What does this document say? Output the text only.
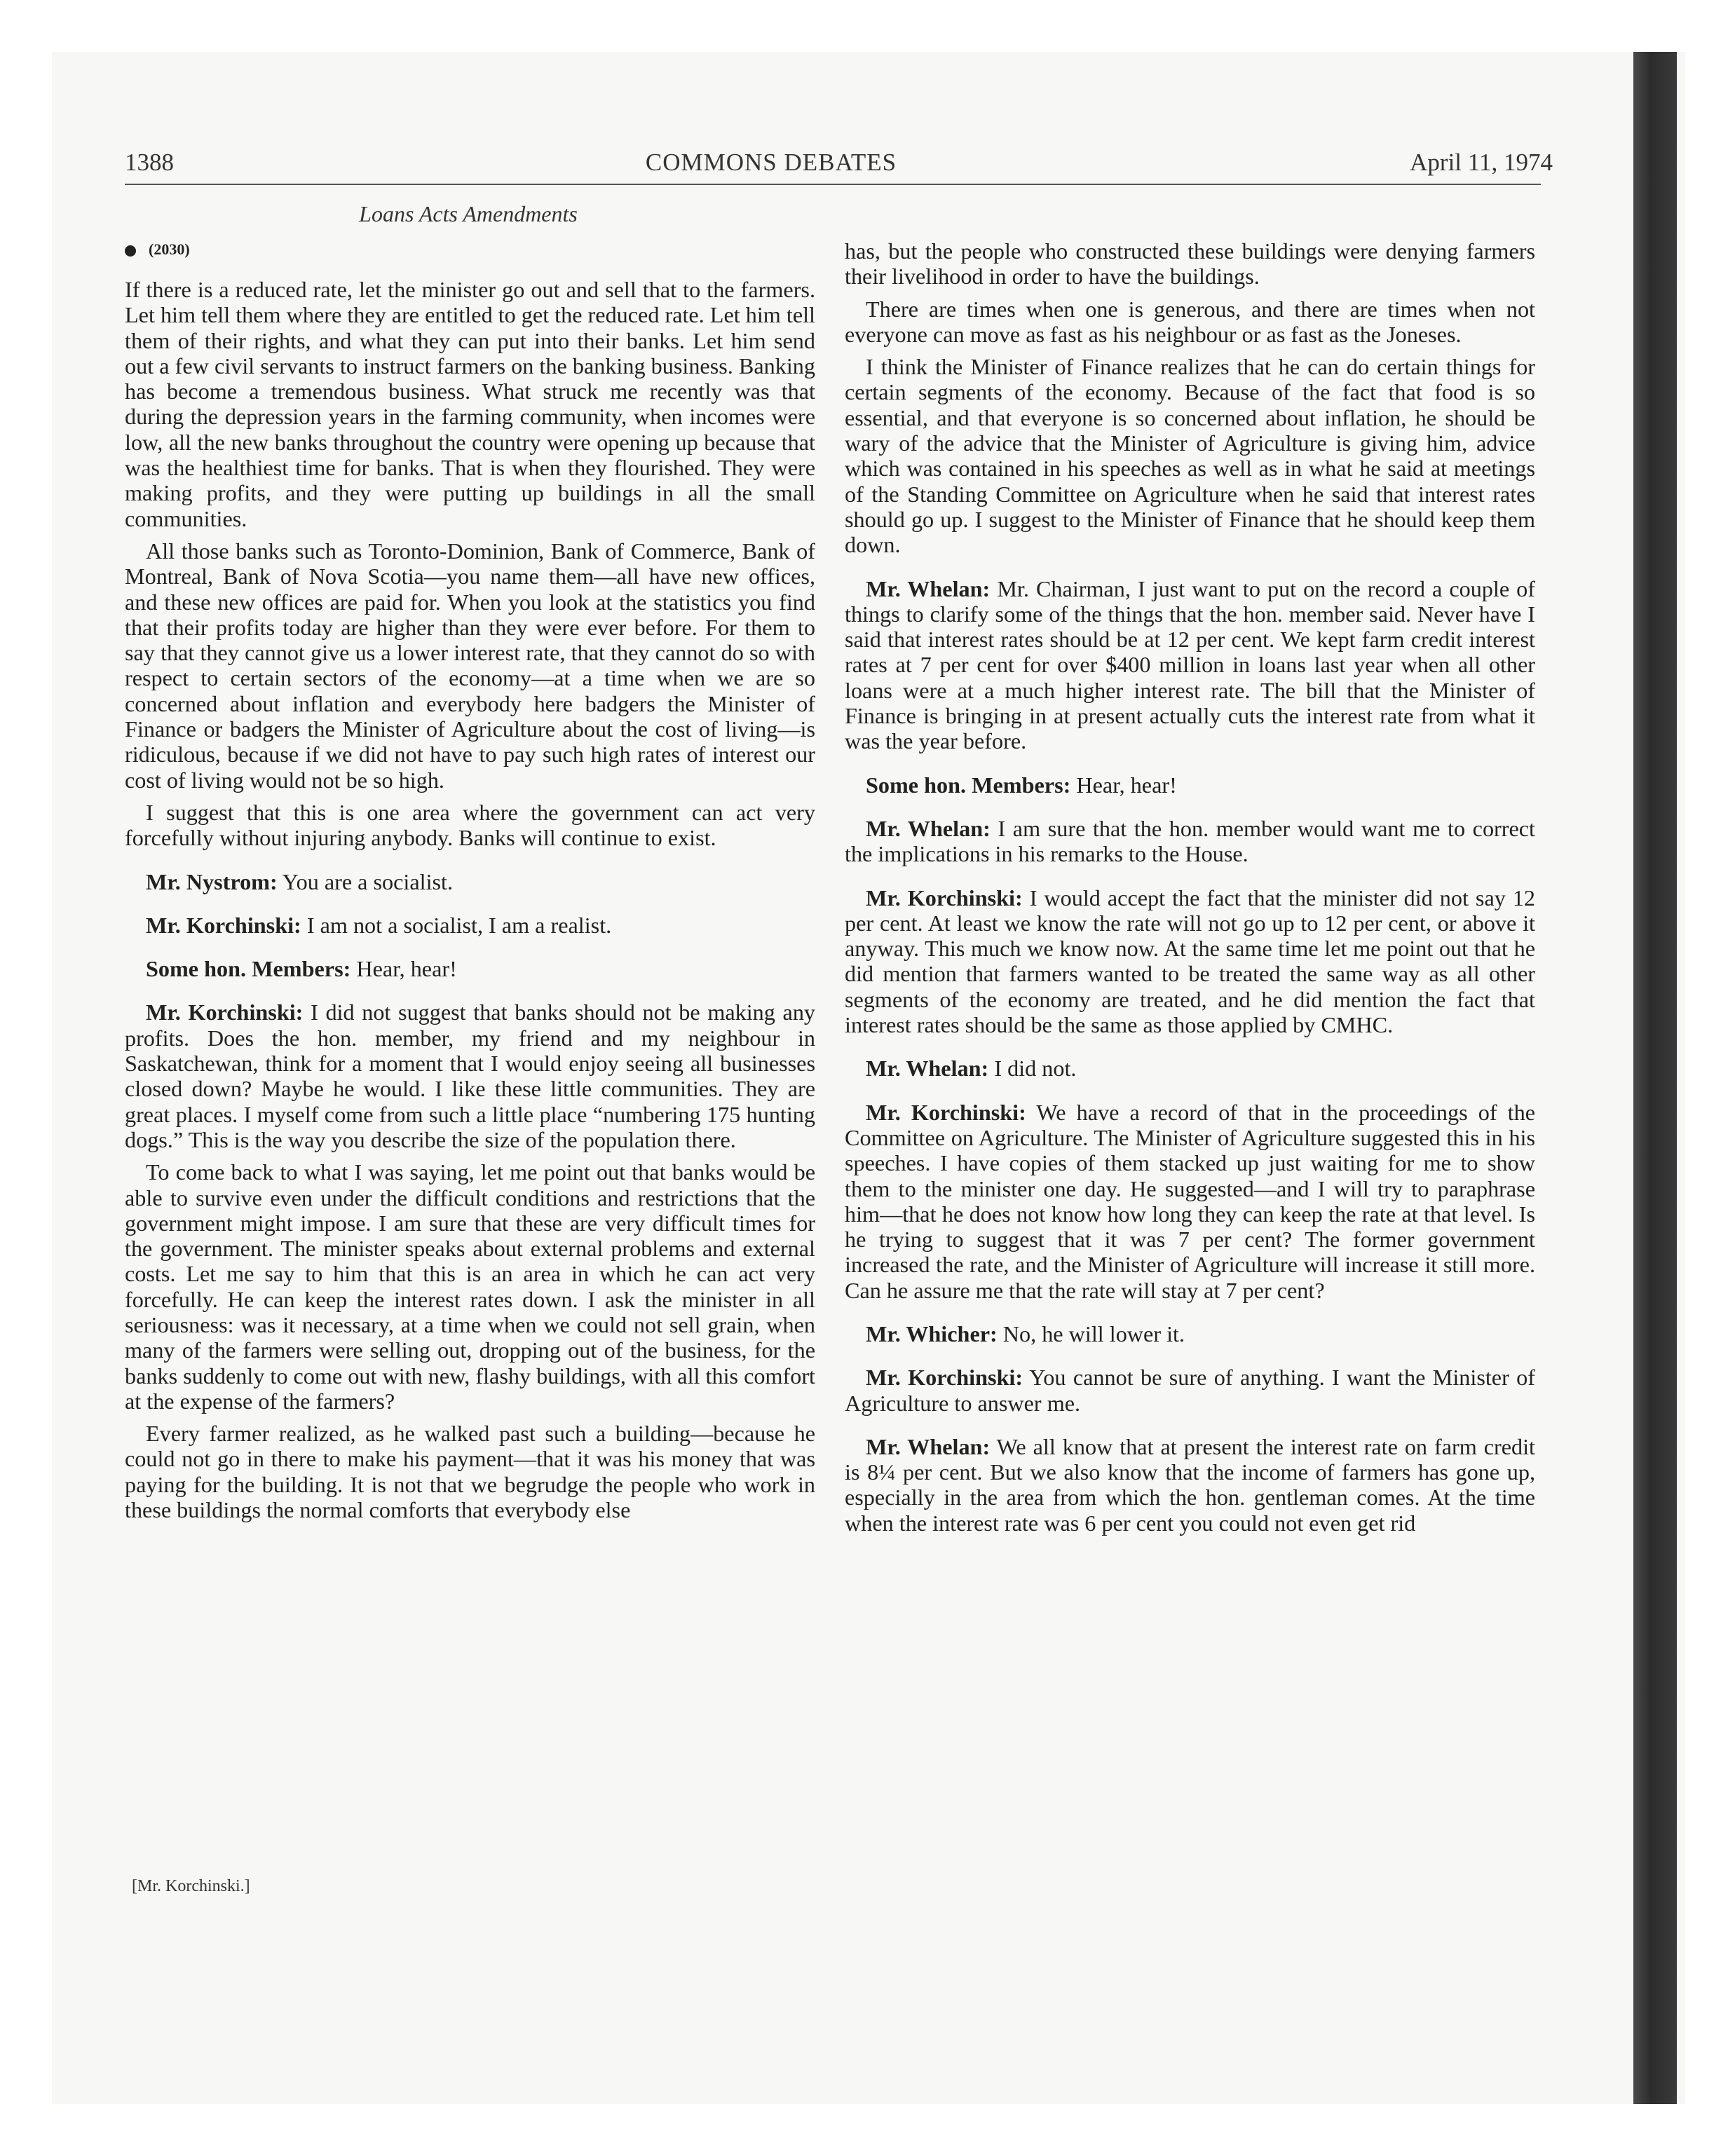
1388	COMMONS DEBATES	April 11, 1974
Loans Acts Amendments
(2030)

If there is a reduced rate, let the minister go out and sell that to the farmers. Let him tell them where they are entitled to get the reduced rate. Let him tell them of their rights, and what they can put into their banks. Let him send out a few civil servants to instruct farmers on the banking business. Banking has become a tremendous business. What struck me recently was that during the depression years in the farming community, when incomes were low, all the new banks throughout the country were opening up because that was the healthiest time for banks. That is when they flourished. They were making profits, and they were putting up buildings in all the small communities.

All those banks such as Toronto-Dominion, Bank of Commerce, Bank of Montreal, Bank of Nova Scotia—you name them—all have new offices, and these new offices are paid for. When you look at the statistics you find that their profits today are higher than they were ever before. For them to say that they cannot give us a lower interest rate, that they cannot do so with respect to certain sectors of the economy—at a time when we are so concerned about inflation and everybody here badgers the Minister of Finance or badgers the Minister of Agriculture about the cost of living—is ridiculous, because if we did not have to pay such high rates of interest our cost of living would not be so high.

I suggest that this is one area where the government can act very forcefully without injuring anybody. Banks will continue to exist.

Mr. Nystrom: You are a socialist.

Mr. Korchinski: I am not a socialist, I am a realist.

Some hon. Members: Hear, hear!

Mr. Korchinski: I did not suggest that banks should not be making any profits. Does the hon. member, my friend and my neighbour in Saskatchewan, think for a moment that I would enjoy seeing all businesses closed down? Maybe he would. I like these little communities. They are great places. I myself come from such a little place “numbering 175 hunting dogs.” This is the way you describe the size of the population there.

To come back to what I was saying, let me point out that banks would be able to survive even under the difficult conditions and restrictions that the government might impose. I am sure that these are very difficult times for the government. The minister speaks about external problems and external costs. Let me say to him that this is an area in which he can act very forcefully. He can keep the interest rates down. I ask the minister in all seriousness: was it necessary, at a time when we could not sell grain, when many of the farmers were selling out, dropping out of the business, for the banks suddenly to come out with new, flashy buildings, with all this comfort at the expense of the farmers?

Every farmer realized, as he walked past such a building—because he could not go in there to make his payment—that it was his money that was paying for the building. It is not that we begrudge the people who work in these buildings the normal comforts that everybody else

[Mr. Korchinski.]

has, but the people who constructed these buildings were denying farmers their livelihood in order to have the buildings.

There are times when one is generous, and there are times when not everyone can move as fast as his neighbour or as fast as the Joneses.

I think the Minister of Finance realizes that he can do certain things for certain segments of the economy. Because of the fact that food is so essential, and that everyone is so concerned about inflation, he should be wary of the advice that the Minister of Agriculture is giving him, advice which was contained in his speeches as well as in what he said at meetings of the Standing Committee on Agriculture when he said that interest rates should go up. I suggest to the Minister of Finance that he should keep them down.

Mr. Whelan: Mr. Chairman, I just want to put on the record a couple of things to clarify some of the things that the hon. member said. Never have I said that interest rates should be at 12 per cent. We kept farm credit interest rates at 7 per cent for over $400 million in loans last year when all other loans were at a much higher interest rate. The bill that the Minister of Finance is bringing in at present actually cuts the interest rate from what it was the year before.

Some hon. Members: Hear, hear!

Mr. Whelan: I am sure that the hon. member would want me to correct the implications in his remarks to the House.

Mr. Korchinski: I would accept the fact that the minister did not say 12 per cent. At least we know the rate will not go up to 12 per cent, or above it anyway. This much we know now. At the same time let me point out that he did mention that farmers wanted to be treated the same way as all other segments of the economy are treated, and he did mention the fact that interest rates should be the same as those applied by CMHC.

Mr. Whelan: I did not.

Mr. Korchinski: We have a record of that in the proceedings of the Committee on Agriculture. The Minister of Agriculture suggested this in his speeches. I have copies of them stacked up just waiting for me to show them to the minister one day. He suggested—and I will try to paraphrase him—that he does not know how long they can keep the rate at that level. Is he trying to suggest that it was 7 per cent? The former government increased the rate, and the Minister of Agriculture will increase it still more. Can he assure me that the rate will stay at 7 per cent?

Mr. Whicher: No, he will lower it.

Mr. Korchinski: You cannot be sure of anything. I want the Minister of Agriculture to answer me.

Mr. Whelan: We all know that at present the interest rate on farm credit is 8¼ per cent. But we also know that the income of farmers has gone up, especially in the area from which the hon. gentleman comes. At the time when the interest rate was 6 per cent you could not even get rid
